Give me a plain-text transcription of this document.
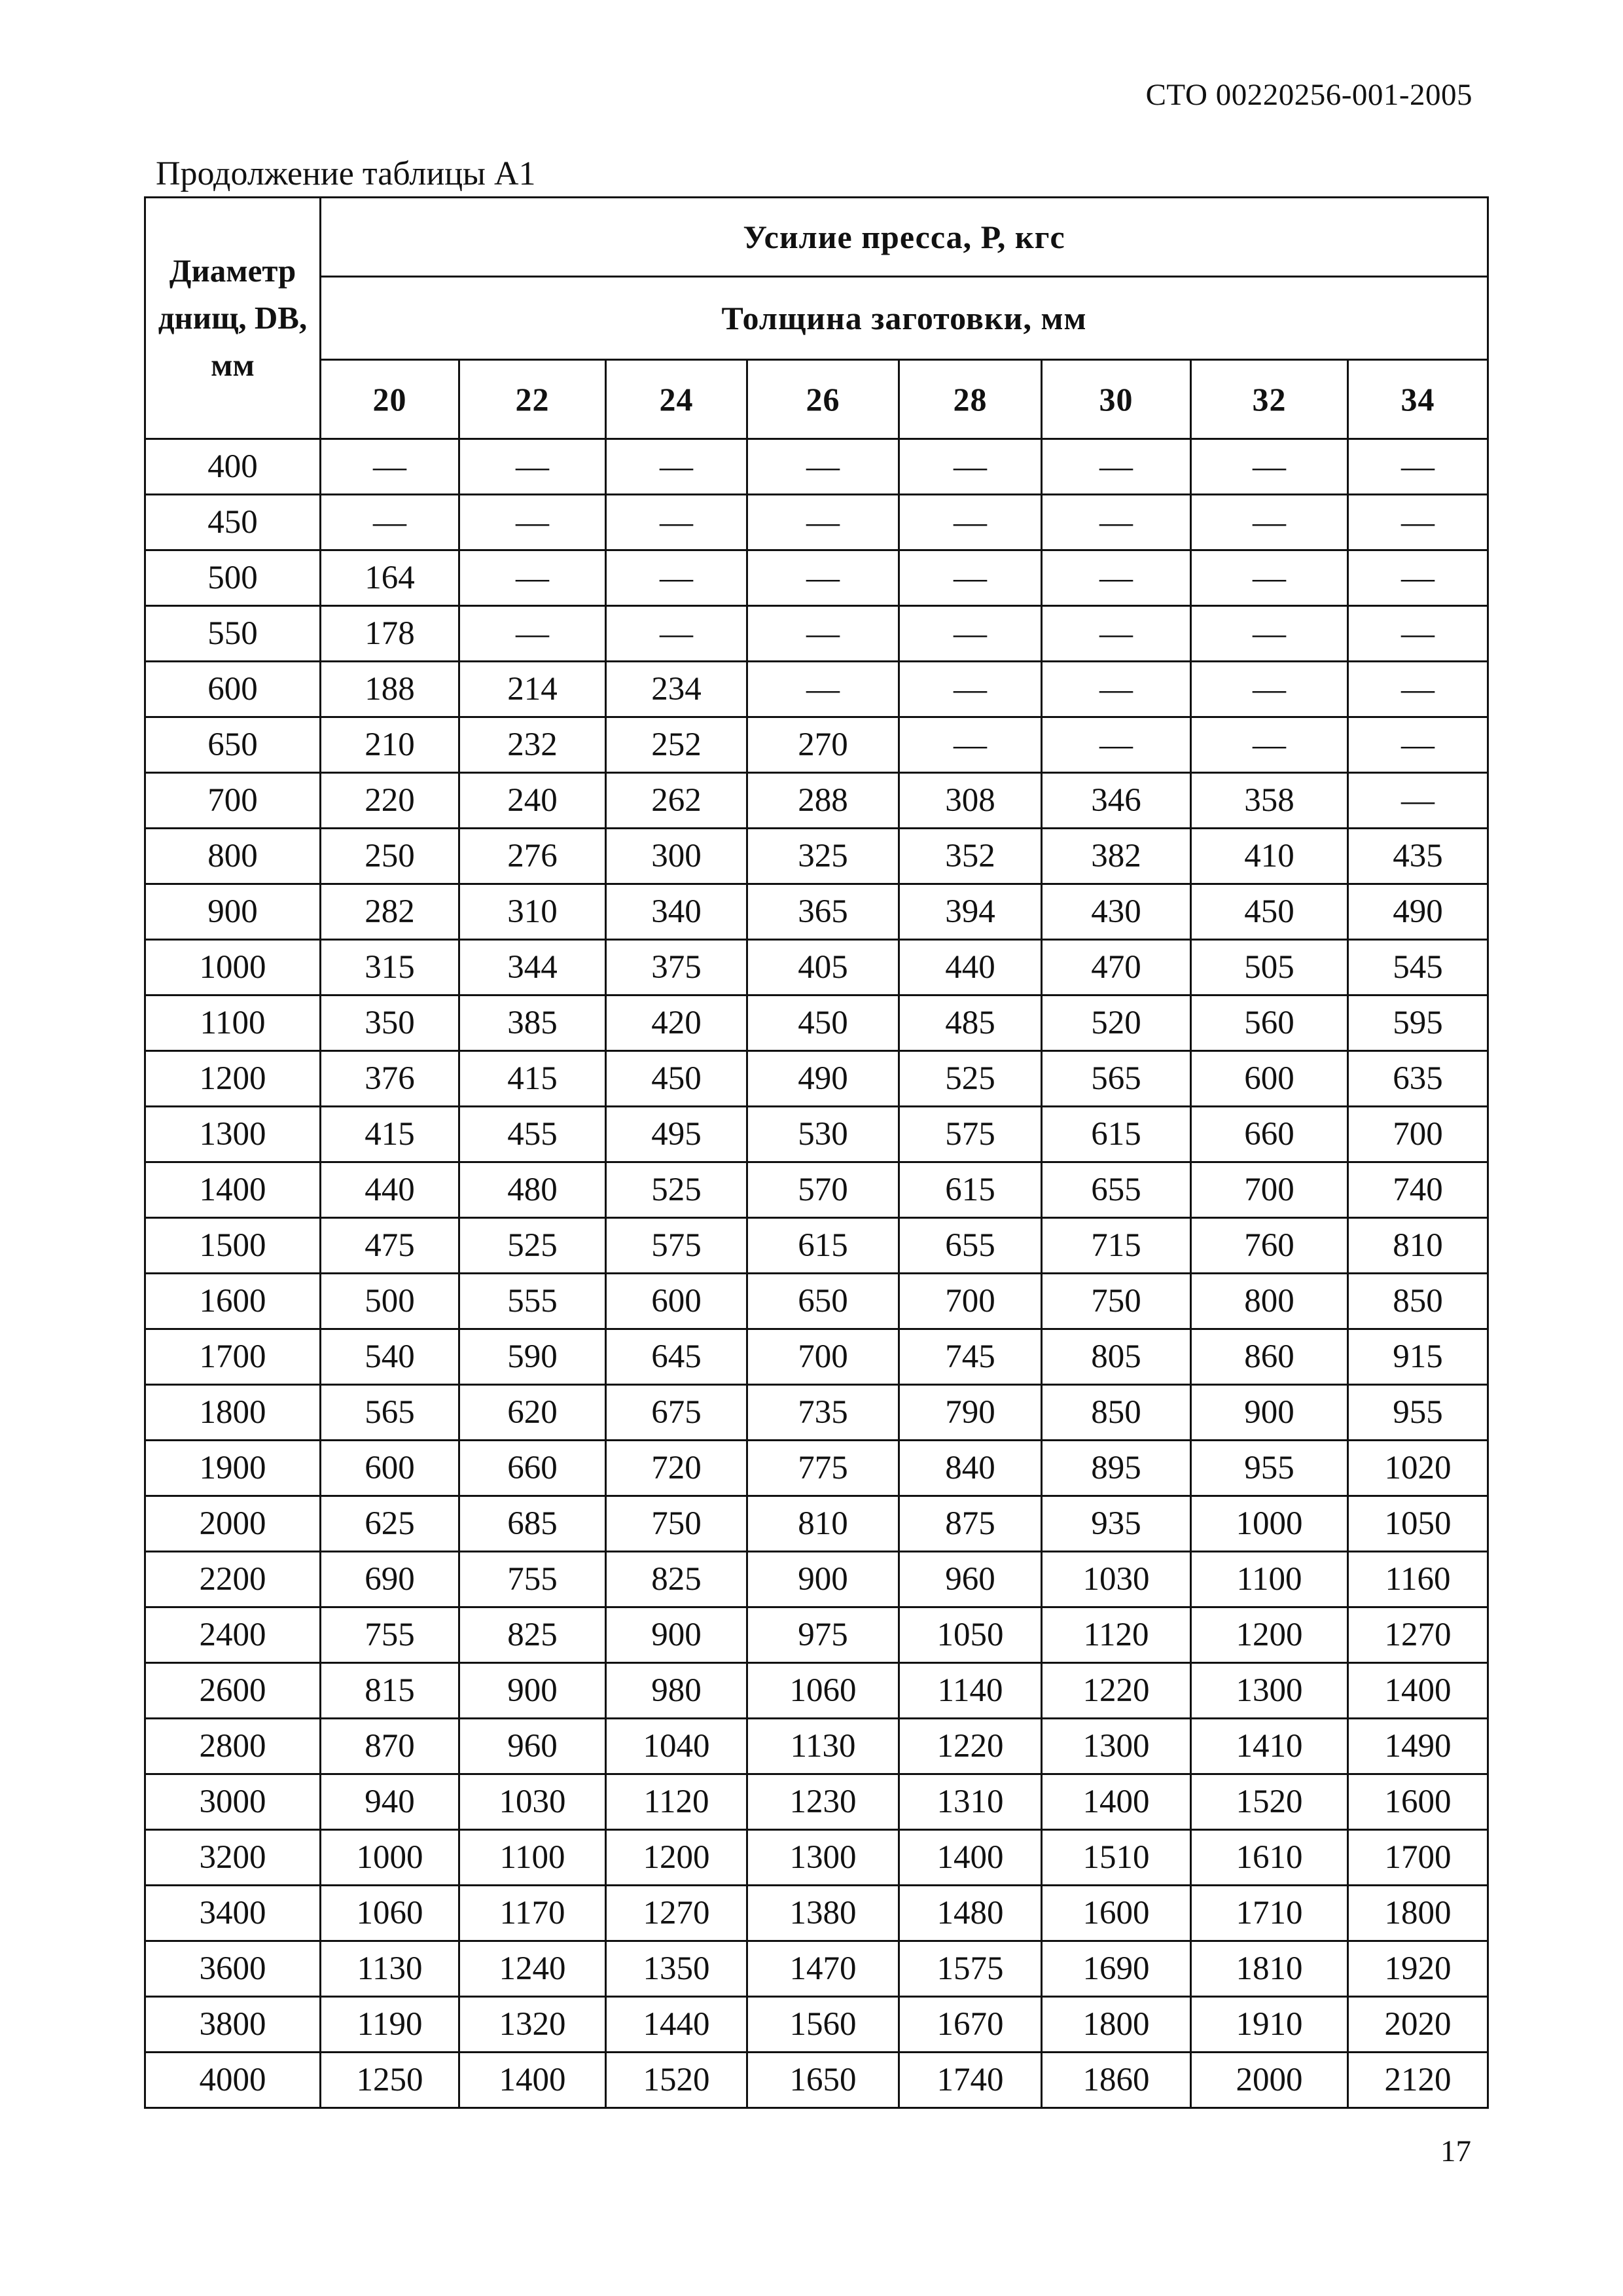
СТО 00220256-001-2005
Продолжение таблицы А1
Диаметр днищ, DВ, мм	Усилие пресса, Р, кгс							
	Толщина заготовки, мм							
	20	22	24	26	28	30	32	34
400	—	—	—	—	—	—	—	—
450	—	—	—	—	—	—	—	—
500	164	—	—	—	—	—	—	—
550	178	—	—	—	—	—	—	—
600	188	214	234	—	—	—	—	—
650	210	232	252	270	—	—	—	—
700	220	240	262	288	308	346	358	—
800	250	276	300	325	352	382	410	435
900	282	310	340	365	394	430	450	490
1000	315	344	375	405	440	470	505	545
1100	350	385	420	450	485	520	560	595
1200	376	415	450	490	525	565	600	635
1300	415	455	495	530	575	615	660	700
1400	440	480	525	570	615	655	700	740
1500	475	525	575	615	655	715	760	810
1600	500	555	600	650	700	750	800	850
1700	540	590	645	700	745	805	860	915
1800	565	620	675	735	790	850	900	955
1900	600	660	720	775	840	895	955	1020
2000	625	685	750	810	875	935	1000	1050
2200	690	755	825	900	960	1030	1100	1160
2400	755	825	900	975	1050	1120	1200	1270
2600	815	900	980	1060	1140	1220	1300	1400
2800	870	960	1040	1130	1220	1300	1410	1490
3000	940	1030	1120	1230	1310	1400	1520	1600
3200	1000	1100	1200	1300	1400	1510	1610	1700
3400	1060	1170	1270	1380	1480	1600	1710	1800
3600	1130	1240	1350	1470	1575	1690	1810	1920
3800	1190	1320	1440	1560	1670	1800	1910	2020
4000	1250	1400	1520	1650	1740	1860	2000	2120
17
